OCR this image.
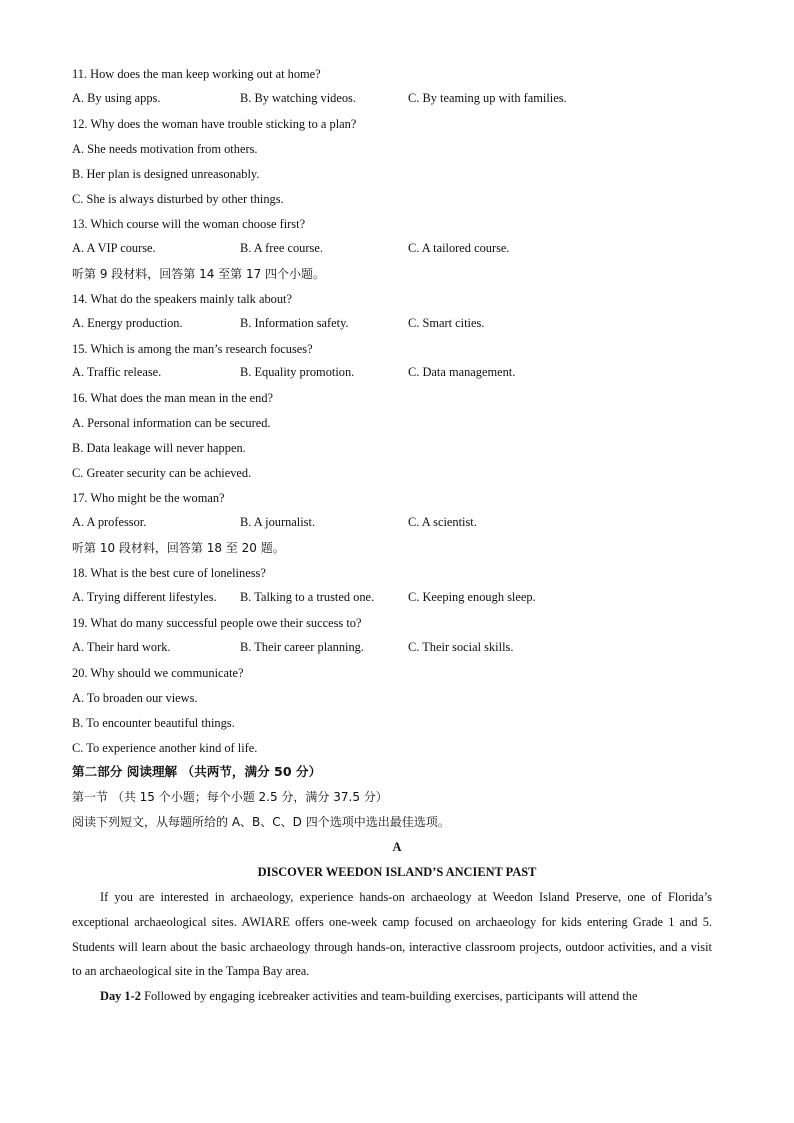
11. How does the man keep working out at home?
A. By using apps.	B. By watching videos.	C. By teaming up with families.
12. Why does the woman have trouble sticking to a plan?
A. She needs motivation from others.
B. Her plan is designed unreasonably.
C. She is always disturbed by other things.
13. Which course will the woman choose first?
A. A VIP course.	B. A free course.	C. A tailored course.
听第 9 段材料，回答第 14 至第 17 四个小题。
14. What do the speakers mainly talk about?
A. Energy production.	B. Information safety.	C. Smart cities.
15. Which is among the man’s research focuses?
A. Traffic release.	B. Equality promotion.	C. Data management.
16. What does the man mean in the end?
A. Personal information can be secured.
B. Data leakage will never happen.
C. Greater security can be achieved.
17. Who might be the woman?
A. A professor.	B. A journalist.	C. A scientist.
听第 10 段材料，回答第 18 至 20 题。
18. What is the best cure of loneliness?
A. Trying different lifestyles. B. Talking to a trusted one.	C. Keeping enough sleep.
19. What do many successful people owe their success to?
A. Their hard work.	B. Their career planning.	C. Their social skills.
20. Why should we communicate?
A. To broaden our views.
B. To encounter beautiful things.
C. To experience another kind of life.
第二部分 阅读理解 （共两节，满分 50 分）
第一节 （共 15 个小题；每个小题 2.5 分，满分 37.5 分）
阅读下列短文，从每题所给的 A、B、C、D 四个选项中选出最佳选项。
A
DISCOVER WEEDON ISLAND’S ANCIENT PAST
If you are interested in archaeology, experience hands-on archaeology at Weedon Island Preserve, one of Florida’s exceptional archaeological sites. AWIARE offers one-week camp focused on archaeology for kids entering Grade 1 and 5. Students will learn about the basic archaeology through hands-on, interactive classroom projects, outdoor activities, and a visit to an archaeological site in the Tampa Bay area.
Day 1-2 Followed by engaging icebreaker activities and team-building exercises, participants will attend the
